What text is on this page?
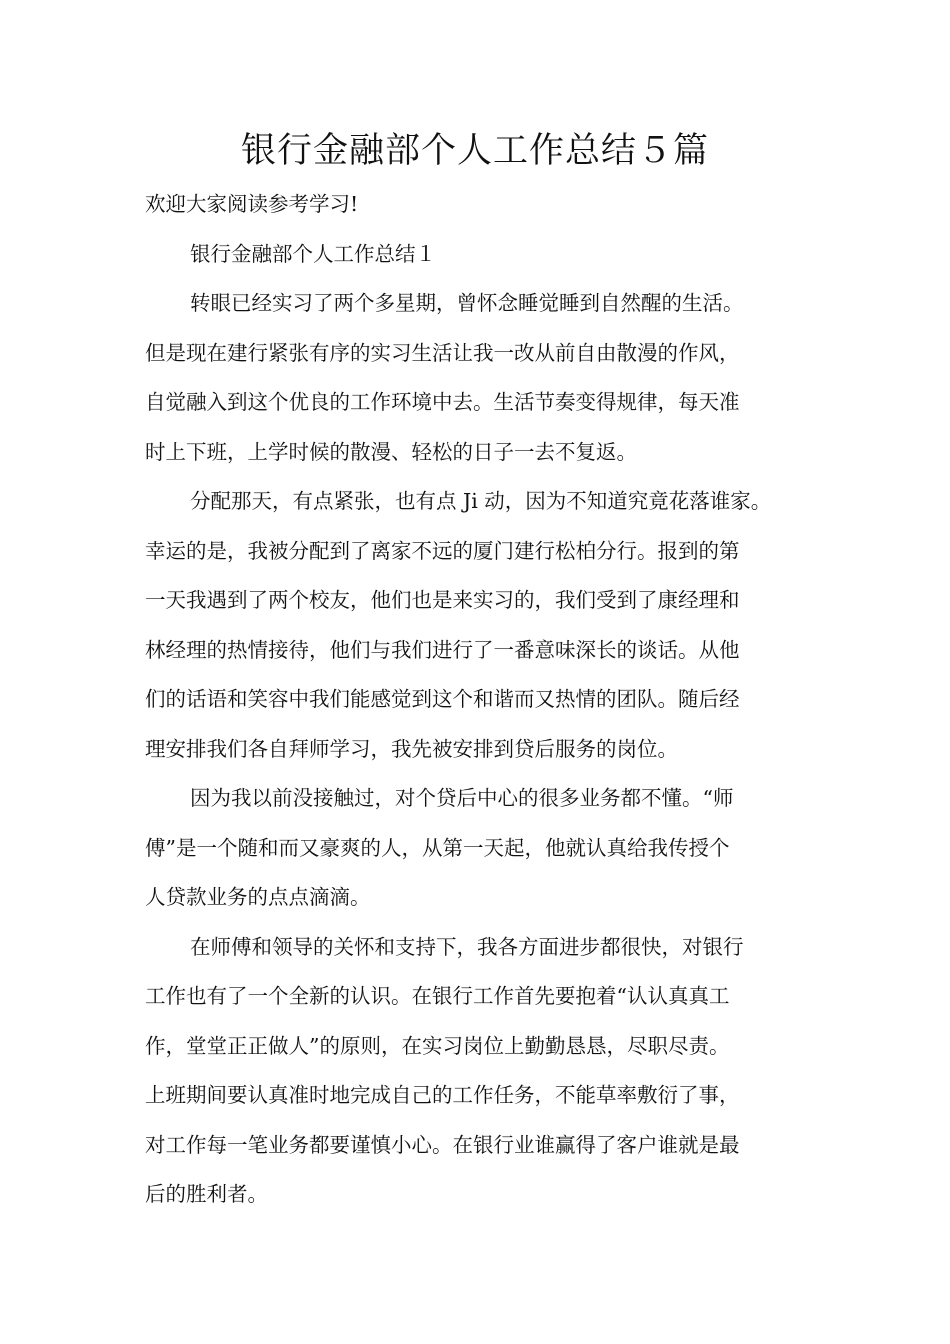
银行金融部个人工作总结５篇
欢迎大家阅读参考学习!
银行金融部个人工作总结１
转眼已经实习了两个多星期，曾怀念睡觉睡到自然醒的生活。
但是现在建行紧张有序的实习生活让我一改从前自由散漫的作风，
自觉融入到这个优良的工作环境中去。生活节奏变得规律，每天准
时上下班，上学时候的散漫、轻松的日子一去不复返。
分配那天，有点紧张，也有点 Ji 动，因为不知道究竟花落谁家。
幸运的是，我被分配到了离家不远的厦门建行松柏分行。报到的第
一天我遇到了两个校友，他们也是来实习的，我们受到了康经理和
林经理的热情接待，他们与我们进行了一番意味深长的谈话。从他
们的话语和笑容中我们能感觉到这个和谐而又热情的团队。随后经
理安排我们各自拜师学习，我先被安排到贷后服务的岗位。
因为我以前没接触过，对个贷后中心的很多业务都不懂。“师
傅”是一个随和而又豪爽的人，从第一天起，他就认真给我传授个
人贷款业务的点点滴滴。
在师傅和领导的关怀和支持下，我各方面进步都很快，对银行
工作也有了一个全新的认识。在银行工作首先要抱着“认认真真工
作，堂堂正正做人”的原则，在实习岗位上勤勤恳恳，尽职尽责。
上班期间要认真准时地完成自己的工作任务，不能草率敷衍了事，
对工作每一笔业务都要谨慎小心。在银行业谁赢得了客户谁就是最
后的胜利者。
